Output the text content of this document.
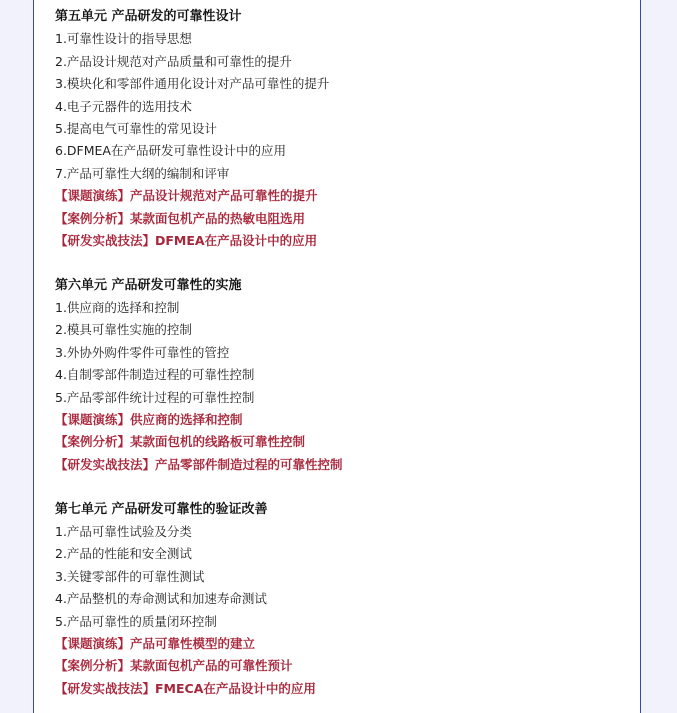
第五单元 产品研发的可靠性设计
1.可靠性设计的指导思想
2.产品设计规范对产品质量和可靠性的提升
3.模块化和零部件通用化设计对产品可靠性的提升
4.电子元器件的选用技术
5.提高电气可靠性的常见设计
6.DFMEA在产品研发可靠性设计中的应用
7.产品可靠性大纲的编制和评审
【课题演练】产品设计规范对产品可靠性的提升
【案例分析】某款面包机产品的热敏电阻选用
【研发实战技法】DFMEA在产品设计中的应用
第六单元 产品研发可靠性的实施
1.供应商的选择和控制
2.模具可靠性实施的控制
3.外协外购件零件可靠性的管控
4.自制零部件制造过程的可靠性控制
5.产品零部件统计过程的可靠性控制
【课题演练】供应商的选择和控制
【案例分析】某款面包机的线路板可靠性控制
【研发实战技法】产品零部件制造过程的可靠性控制
第七单元 产品研发可靠性的验证改善
1.产品可靠性试验及分类
2.产品的性能和安全测试
3.关键零部件的可靠性测试
4.产品整机的寿命测试和加速寿命测试
5.产品可靠性的质量闭环控制
【课题演练】产品可靠性模型的建立
【案例分析】某款面包机产品的可靠性预计
【研发实战技法】FMECA在产品设计中的应用
